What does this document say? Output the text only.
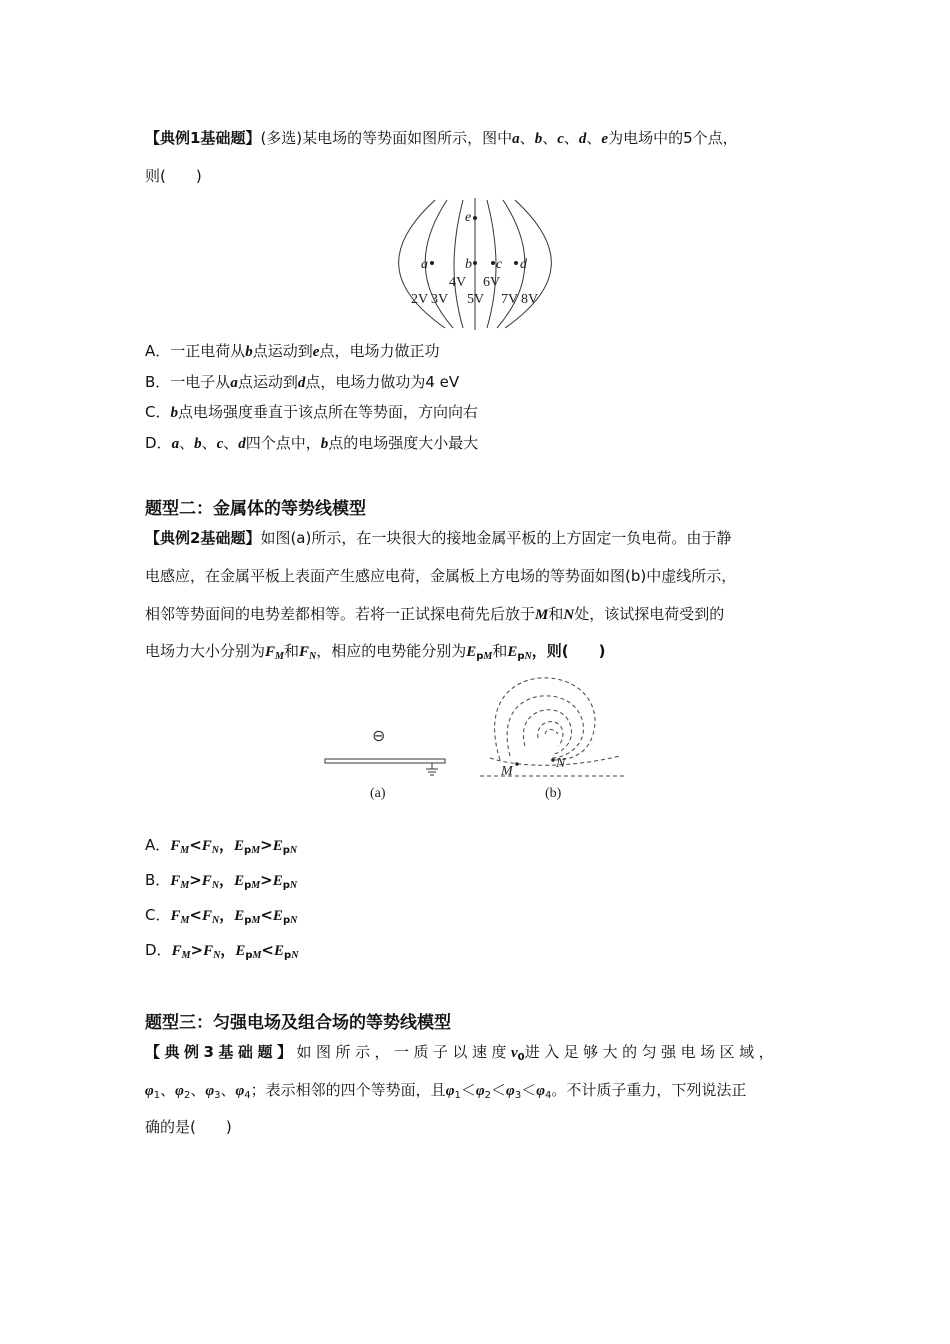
【典例1基础题】(多选)某电场的等势面如图所示，图中a、b、c、d、e为电场中的5个点，
则(　　)
e
a	b c d
4V 6V
2V 3V 5V 7V 8V
A．一正电荷从b点运动到e点，电场力做正功
B．一电子从a点运动到d点，电场力做功为4 eV
C．b点电场强度垂直于该点所在等势面，方向向右
D．a、b、c、d四个点中，b点的电场强度大小最大
题型二：金属体的等势线模型
【典例2基础题】如图(a)所示，在一块很大的接地金属平板的上方固定一负电荷。由于静
电感应，在金属平板上表面产生感应电荷，金属板上方电场的等势面如图(b)中虚线所示，
相邻等势面间的电势差都相等。若将一正试探电荷先后放于M和N处，该试探电荷受到的
电场力大小分别为$F_M$和$F_N$，相应的电势能分别为$E_{pM}$和$E_{pN}$，则(　　)
⊖
(a)
M
N
(b)
A．$F_M<F_N$，$E_{pM}>E_{pN}$
B．$F_M>F_N$，$E_{pM}>E_{pN}$
C．$F_M<F_N$，$E_{pM}<E_{pN}$
D．$F_M>F_N$，$E_{pM}<E_{pN}$
题型三：匀强电场及组合场的等势线模型
【典例3基础题】如图所示，一质子以速度$v_0$进入足够大的匀强电场区域，
$\varphi_1$、$\varphi_2$、$\varphi_3$、$\varphi_4$；表示相邻的四个等势面，且$\varphi_1<\varphi_2<\varphi_3<\varphi_4$。不计质子重力，下列说法正
确的是(　　)
